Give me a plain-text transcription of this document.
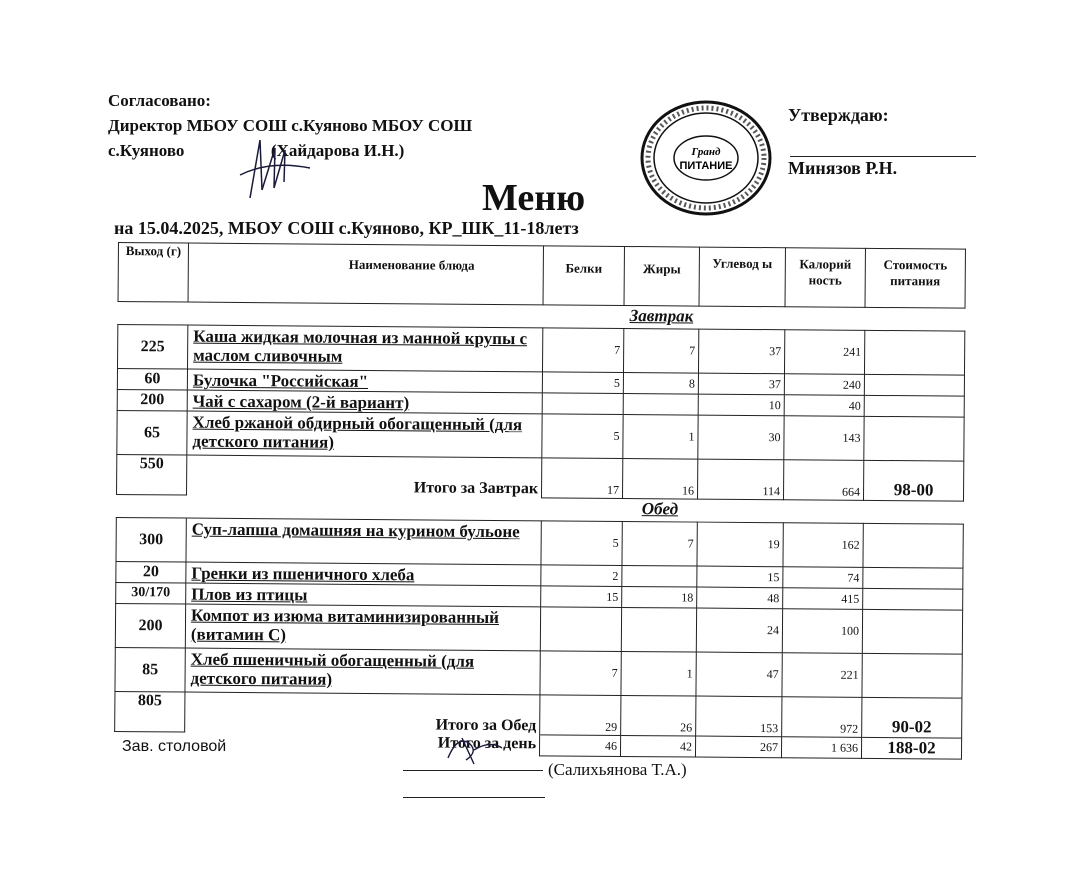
Согласовано:
Директор МБОУ СОШ с.Куяново МБОУ СОШ
с.Куяново	(Хайдарова И.Н.)	Гранд
ПИТАНИЕ
Утверждаю:
Минязов Р.Н.
Меню
на 15.04.2025, МБОУ СОШ с.Куяново, КР_ШК_11-18летз
Выход (г)	Наименование блюда	Белки	Жиры	Углевод ы	Калорий ность	Стоимость питания
Завтрак						
225	Каша жидкая молочная из манной крупы с маслом сливочным	7	7	37	241	
60	Булочка "Российская"	5	8	37	240	
200	Чай с сахаром (2-й вариант)			10	40	
65	Хлеб ржаной обдирный обогащенный (для детского питания)	5	1	30	143	
550	Итого за Завтрак	17	16	114	664	98-00
Обед						
300	Суп-лапша домашняя на курином бульоне	5	7	19	162	
20	Гренки из пшеничного хлеба	2		15	74	
30/170	Плов из птицы	15	18	48	415	
200	Компот из изюма витаминизированный (витамин С)			24	100	
85	Хлеб пшеничный обогащенный (для детского питания)	7	1	47	221	
805	Итого за Обед	29	26	153	972	90-02
	Итого за день	46	42	267	1 636	188-02
Зав. столовой
(Салихьянова Т.А.)
